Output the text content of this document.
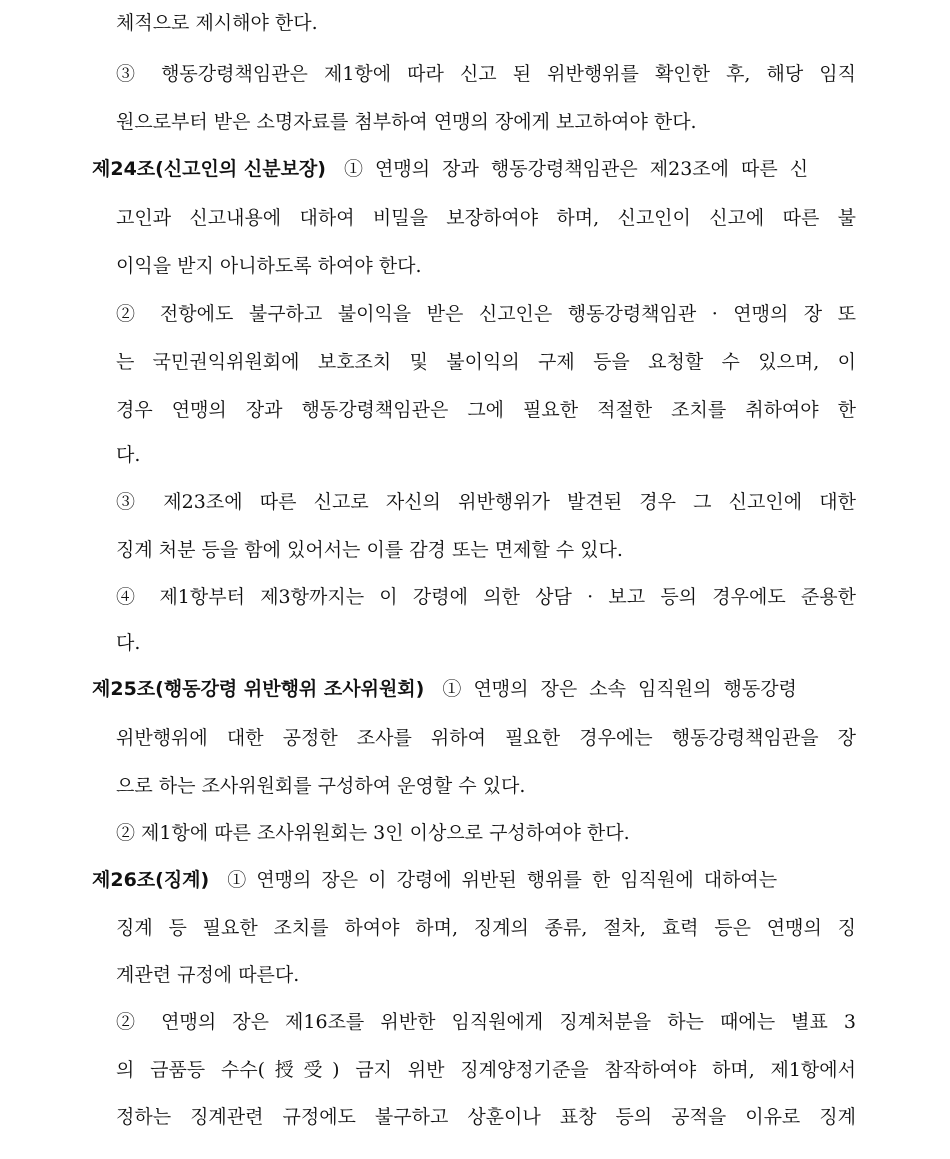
체적으로 제시해야 한다.
③ 행동강령책임관은 제1항에 따라 신고 된 위반행위를 확인한 후, 해당 임직
원으로부터 받은 소명자료를 첨부하여 연맹의 장에게 보고하여야 한다.
제24조(신고인의 신분보장) ① 연맹의 장과 행동강령책임관은 제23조에 따른 신
고인과 신고내용에 대하여 비밀을 보장하여야 하며, 신고인이 신고에 따른 불
이익을 받지 아니하도록 하여야 한다.
② 전항에도 불구하고 불이익을 받은 신고인은 행동강령책임관 · 연맹의 장 또
는 국민권익위원회에 보호조치 및 불이익의 구제 등을 요청할 수 있으며, 이
경우 연맹의 장과 행동강령책임관은 그에 필요한 적절한 조치를 취하여야 한
다.
③ 제23조에 따른 신고로 자신의 위반행위가 발견된 경우 그 신고인에 대한
징계 처분 등을 함에 있어서는 이를 감경 또는 면제할 수 있다.
④ 제1항부터 제3항까지는 이 강령에 의한 상담 · 보고 등의 경우에도 준용한
다.
제25조(행동강령 위반행위 조사위원회) ① 연맹의 장은 소속 임직원의 행동강령
위반행위에 대한 공정한 조사를 위하여 필요한 경우에는 행동강령책임관을 장
으로 하는 조사위원회를 구성하여 운영할 수 있다.
② 제1항에 따른 조사위원회는 3인 이상으로 구성하여야 한다.
제26조(징계) ① 연맹의 장은 이 강령에 위반된 행위를 한 임직원에 대하여는
징계 등 필요한 조치를 하여야 하며, 징계의 종류, 절차, 효력 등은 연맹의 징
계관련 규정에 따른다.
② 연맹의 장은 제16조를 위반한 임직원에게 징계처분을 하는 때에는 별표 3
의 금품등 수수(授受) 금지 위반 징계양정기준을 참작하여야 하며, 제1항에서
정하는 징계관련 규정에도 불구하고 상훈이나 표창 등의 공적을 이유로 징계
